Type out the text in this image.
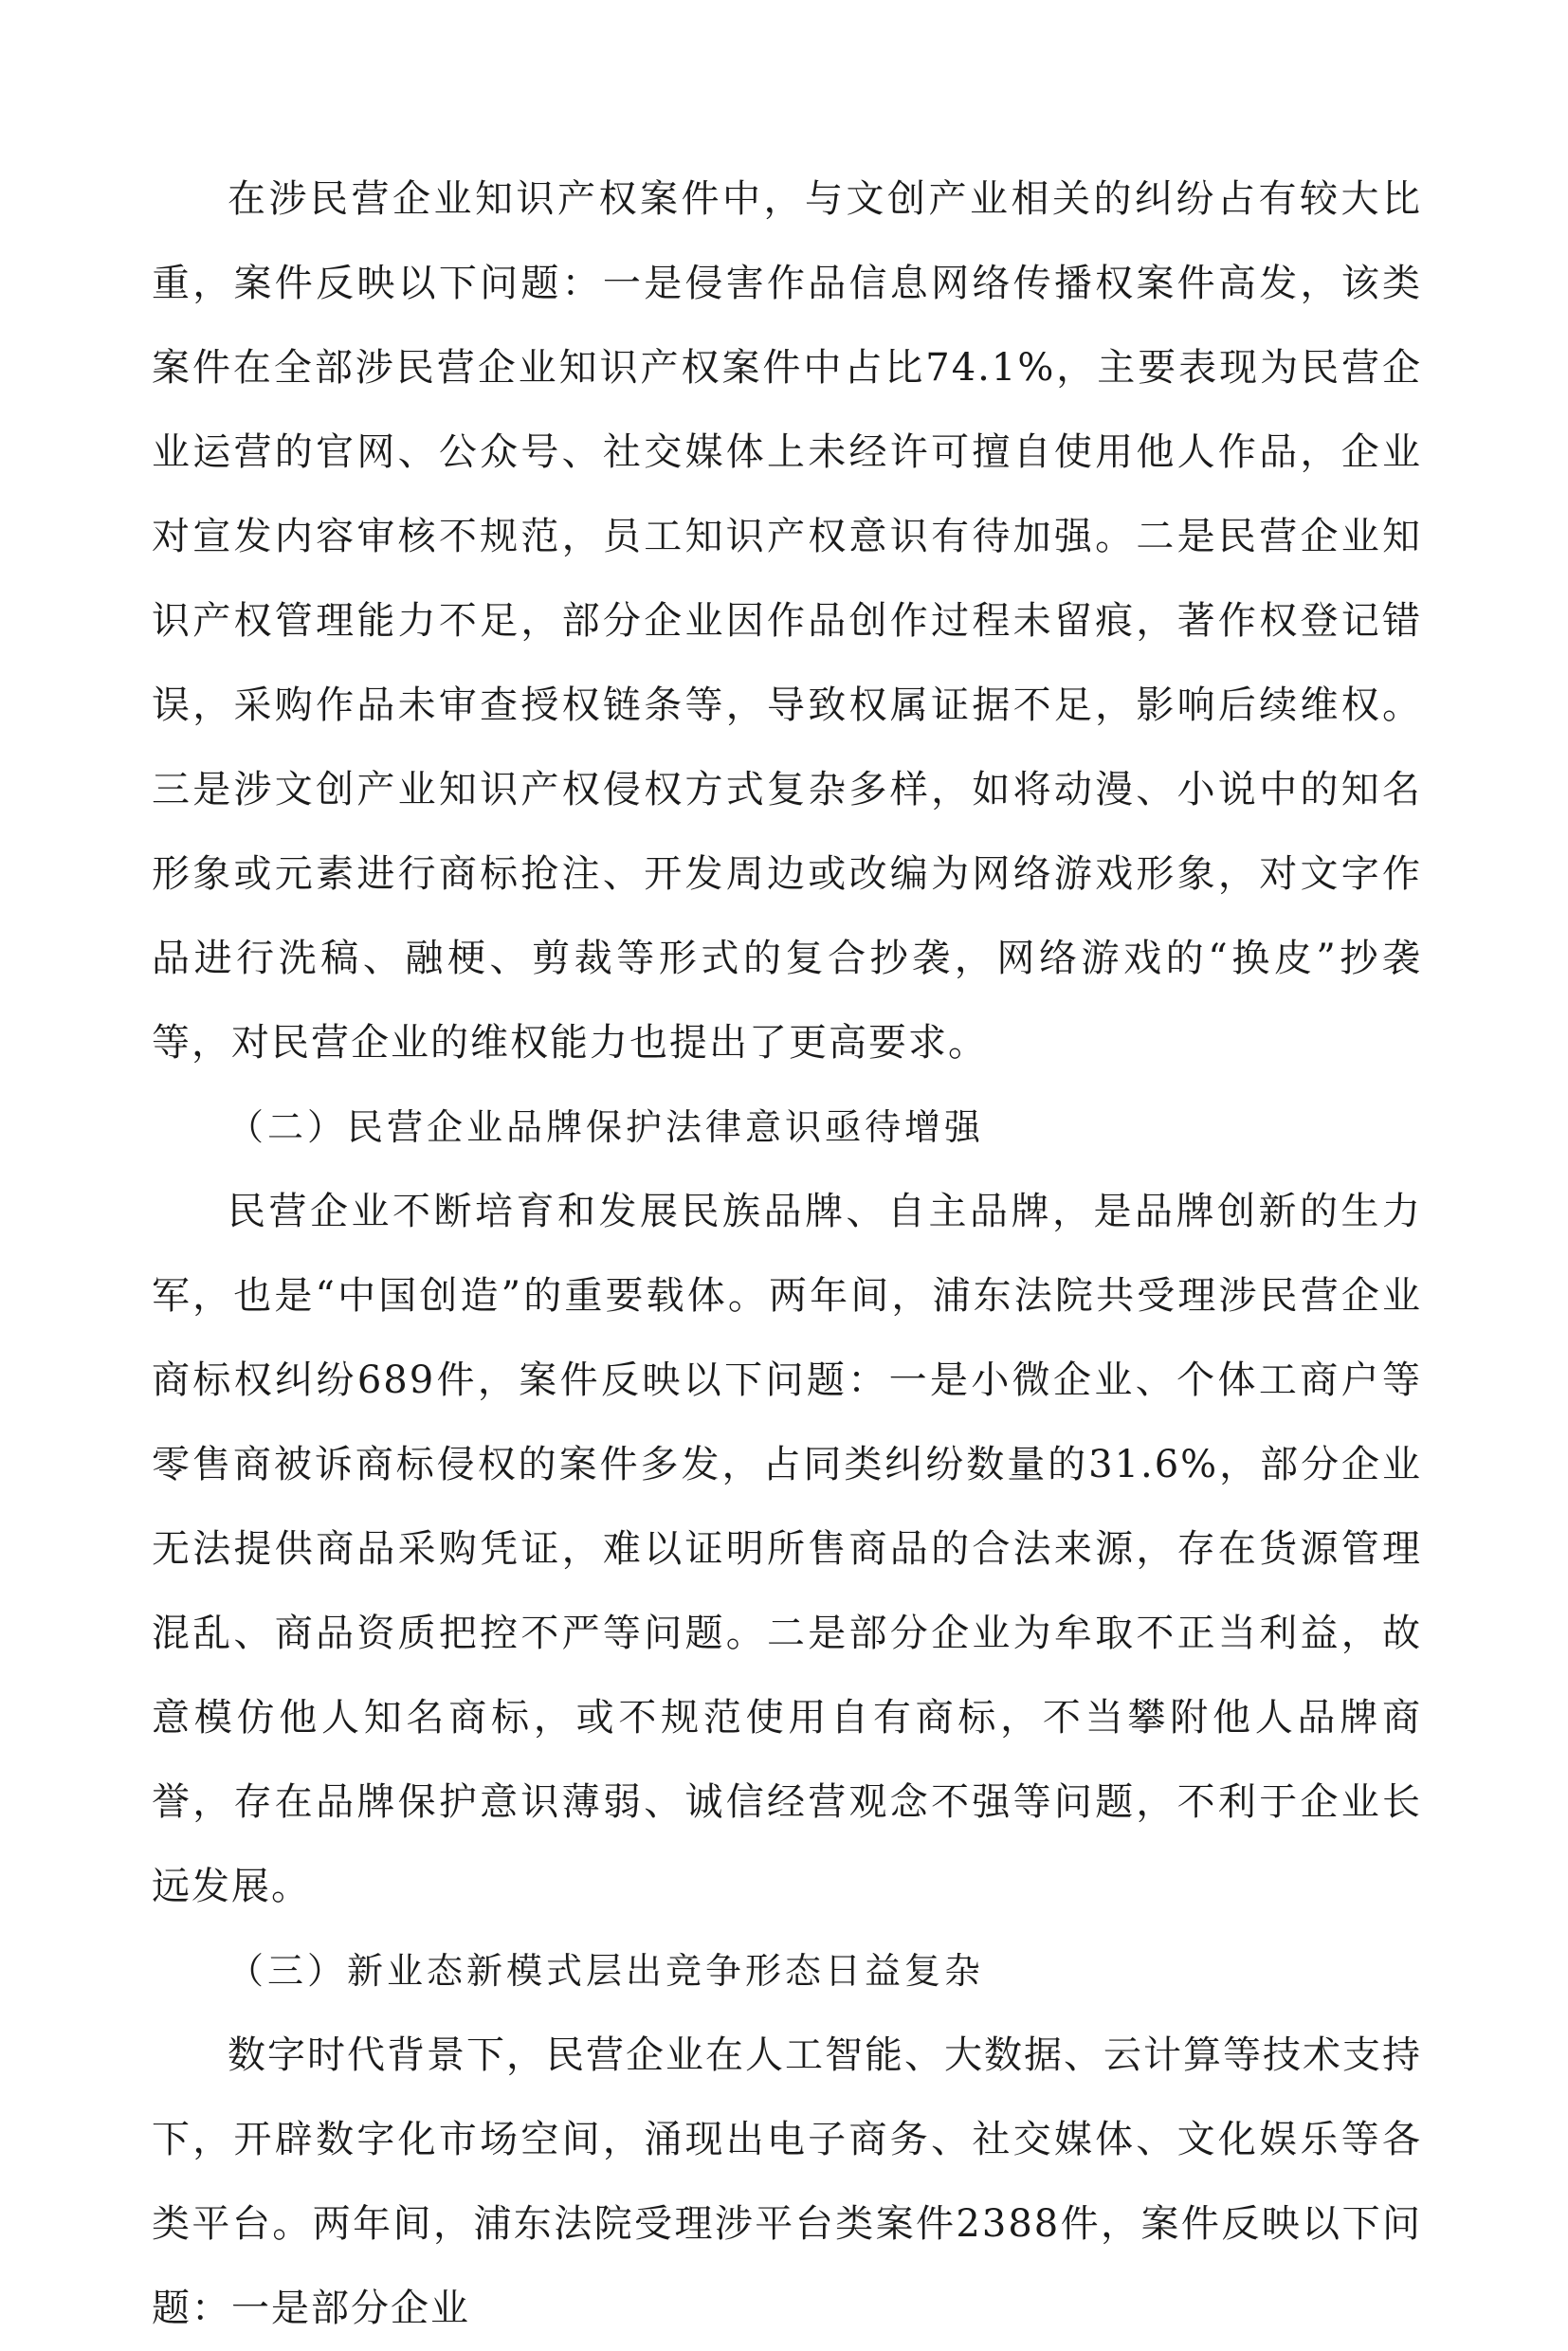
在涉民营企业知识产权案件中，与文创产业相关的纠纷占有较大比重，案件反映以下问题：一是侵害作品信息网络传播权案件高发，该类案件在全部涉民营企业知识产权案件中占比74.1%，主要表现为民营企业运营的官网、公众号、社交媒体上未经许可擅自使用他人作品，企业对宣发内容审核不规范，员工知识产权意识有待加强。二是民营企业知识产权管理能力不足，部分企业因作品创作过程未留痕，著作权登记错误，采购作品未审查授权链条等，导致权属证据不足，影响后续维权。三是涉文创产业知识产权侵权方式复杂多样，如将动漫、小说中的知名形象或元素进行商标抢注、开发周边或改编为网络游戏形象，对文字作品进行洗稿、融梗、剪裁等形式的复合抄袭，网络游戏的“换皮”抄袭等，对民营企业的维权能力也提出了更高要求。

（二）民营企业品牌保护法律意识亟待增强

民营企业不断培育和发展民族品牌、自主品牌，是品牌创新的生力军，也是“中国创造”的重要载体。两年间，浦东法院共受理涉民营企业商标权纠纷689件，案件反映以下问题：一是小微企业、个体工商户等零售商被诉商标侵权的案件多发，占同类纠纷数量的31.6%，部分企业无法提供商品采购凭证，难以证明所售商品的合法来源，存在货源管理混乱、商品资质把控不严等问题。二是部分企业为牟取不正当利益，故意模仿他人知名商标，或不规范使用自有商标，不当攀附他人品牌商誉，存在品牌保护意识薄弱、诚信经营观念不强等问题，不利于企业长远发展。

（三）新业态新模式层出竞争形态日益复杂

数字时代背景下，民营企业在人工智能、大数据、云计算等技术支持下，开辟数字化市场空间，涌现出电子商务、社交媒体、文化娱乐等各类平台。两年间，浦东法院受理涉平台类案件2388件，案件反映以下问题：一是部分企业
